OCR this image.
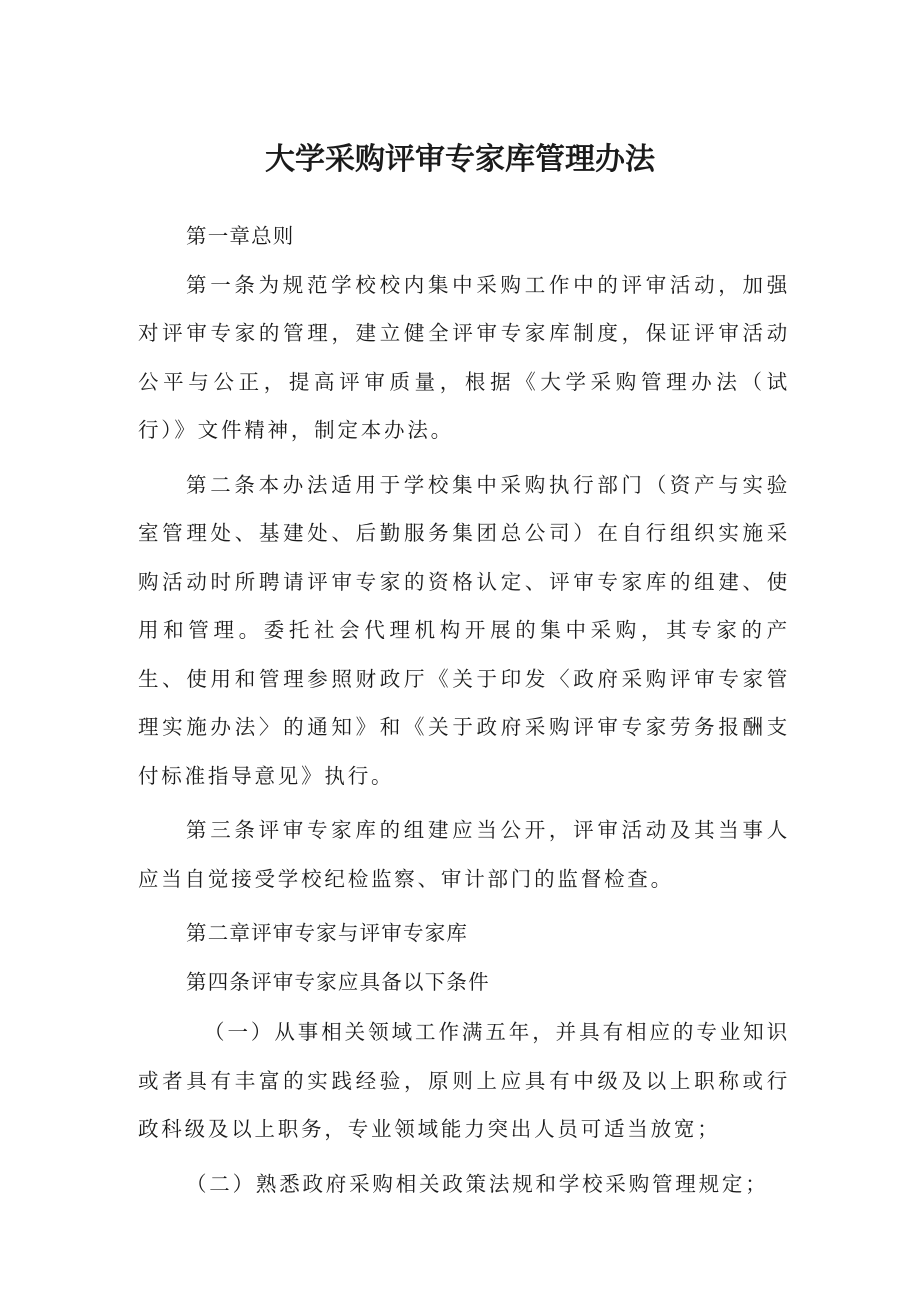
大学采购评审专家库管理办法

第一章总则

第一条为规范学校校内集中采购工作中的评审活动，加强对评审专家的管理，建立健全评审专家库制度，保证评审活动公平与公正，提高评审质量，根据《大学采购管理办法（试行）》文件精神，制定本办法。

第二条本办法适用于学校集中采购执行部门（资产与实验室管理处、基建处、后勤服务集团总公司）在自行组织实施采购活动时所聘请评审专家的资格认定、评审专家库的组建、使用和管理。委托社会代理机构开展的集中采购，其专家的产生、使用和管理参照财政厅《关于印发〈政府采购评审专家管理实施办法〉的通知》和《关于政府采购评审专家劳务报酬支付标准指导意见》执行。

第三条评审专家库的组建应当公开，评审活动及其当事人应当自觉接受学校纪检监察、审计部门的监督检查。

第二章评审专家与评审专家库

第四条评审专家应具备以下条件

（一）从事相关领域工作满五年，并具有相应的专业知识或者具有丰富的实践经验，原则上应具有中级及以上职称或行政科级及以上职务，专业领域能力突出人员可适当放宽；

（二）熟悉政府采购相关政策法规和学校采购管理规定；
